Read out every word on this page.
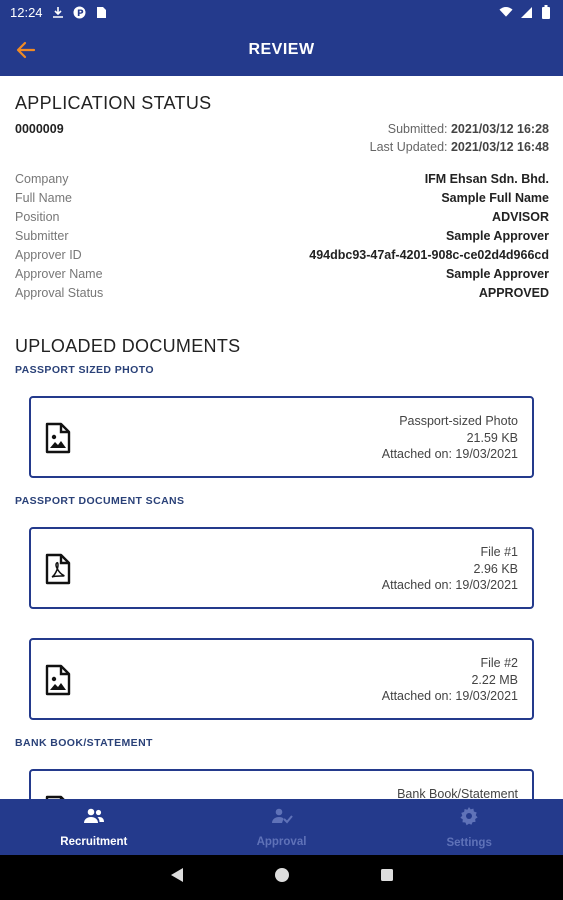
12:24	P
REVIEW
APPLICATION STATUS
0000009	Submitted: 2021/03/12 16:28
Last Updated: 2021/03/12 16:48
Company	IFM Ehsan Sdn. Bhd.
Full Name	Sample Full Name
Position	ADVISOR
Submitter	Sample Approver
Approver ID	494dbc93-47af-4201-908c-ce02d4d966cd
Approver Name	Sample Approver
Approval Status	APPROVED
UPLOADED DOCUMENTS
PASSPORT SIZED PHOTO
Passport-sized Photo
21.59 KB
Attached on: 19/03/2021
PASSPORT DOCUMENT SCANS
File #1
2.96 KB
Attached on: 19/03/2021
File #2
2.22 MB
Attached on: 19/03/2021
BANK BOOK/STATEMENT
Bank Book/Statement
Recruitment	Approval	Settings
